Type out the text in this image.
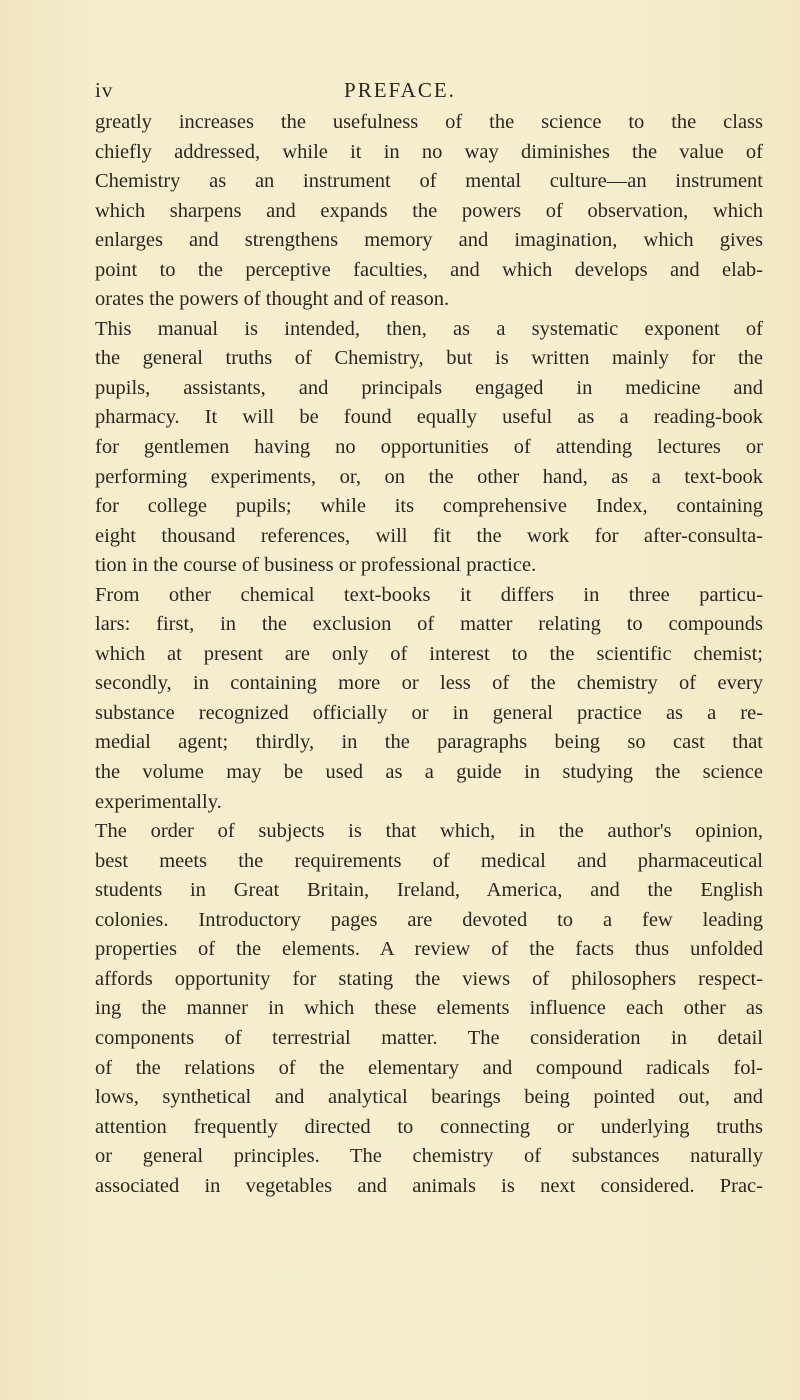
iv	PREFACE.
greatly increases the usefulness of the science to the class
chiefly addressed, while it in no way diminishes the value of
Chemistry as an instrument of mental culture—an instrument
which sharpens and expands the powers of observation, which
enlarges and strengthens memory and imagination, which gives
point to the perceptive faculties, and which develops and elab-
orates the powers of thought and of reason.
This manual is intended, then, as a systematic exponent of
the general truths of Chemistry, but is written mainly for the
pupils, assistants, and principals engaged in medicine and
pharmacy. It will be found equally useful as a reading-book
for gentlemen having no opportunities of attending lectures or
performing experiments, or, on the other hand, as a text-book
for college pupils; while its comprehensive Index, containing
eight thousand references, will fit the work for after-consulta-
tion in the course of business or professional practice.
From other chemical text-books it differs in three particu-
lars: first, in the exclusion of matter relating to compounds
which at present are only of interest to the scientific chemist;
secondly, in containing more or less of the chemistry of every
substance recognized officially or in general practice as a re-
medial agent; thirdly, in the paragraphs being so cast that
the volume may be used as a guide in studying the science
experimentally.
The order of subjects is that which, in the author's opinion,
best meets the requirements of medical and pharmaceutical
students in Great Britain, Ireland, America, and the English
colonies. Introductory pages are devoted to a few leading
properties of the elements. A review of the facts thus unfolded
affords opportunity for stating the views of philosophers respect-
ing the manner in which these elements influence each other as
components of terrestrial matter. The consideration in detail
of the relations of the elementary and compound radicals fol-
lows, synthetical and analytical bearings being pointed out, and
attention frequently directed to connecting or underlying truths
or general principles. The chemistry of substances naturally
associated in vegetables and animals is next considered. Prac-
